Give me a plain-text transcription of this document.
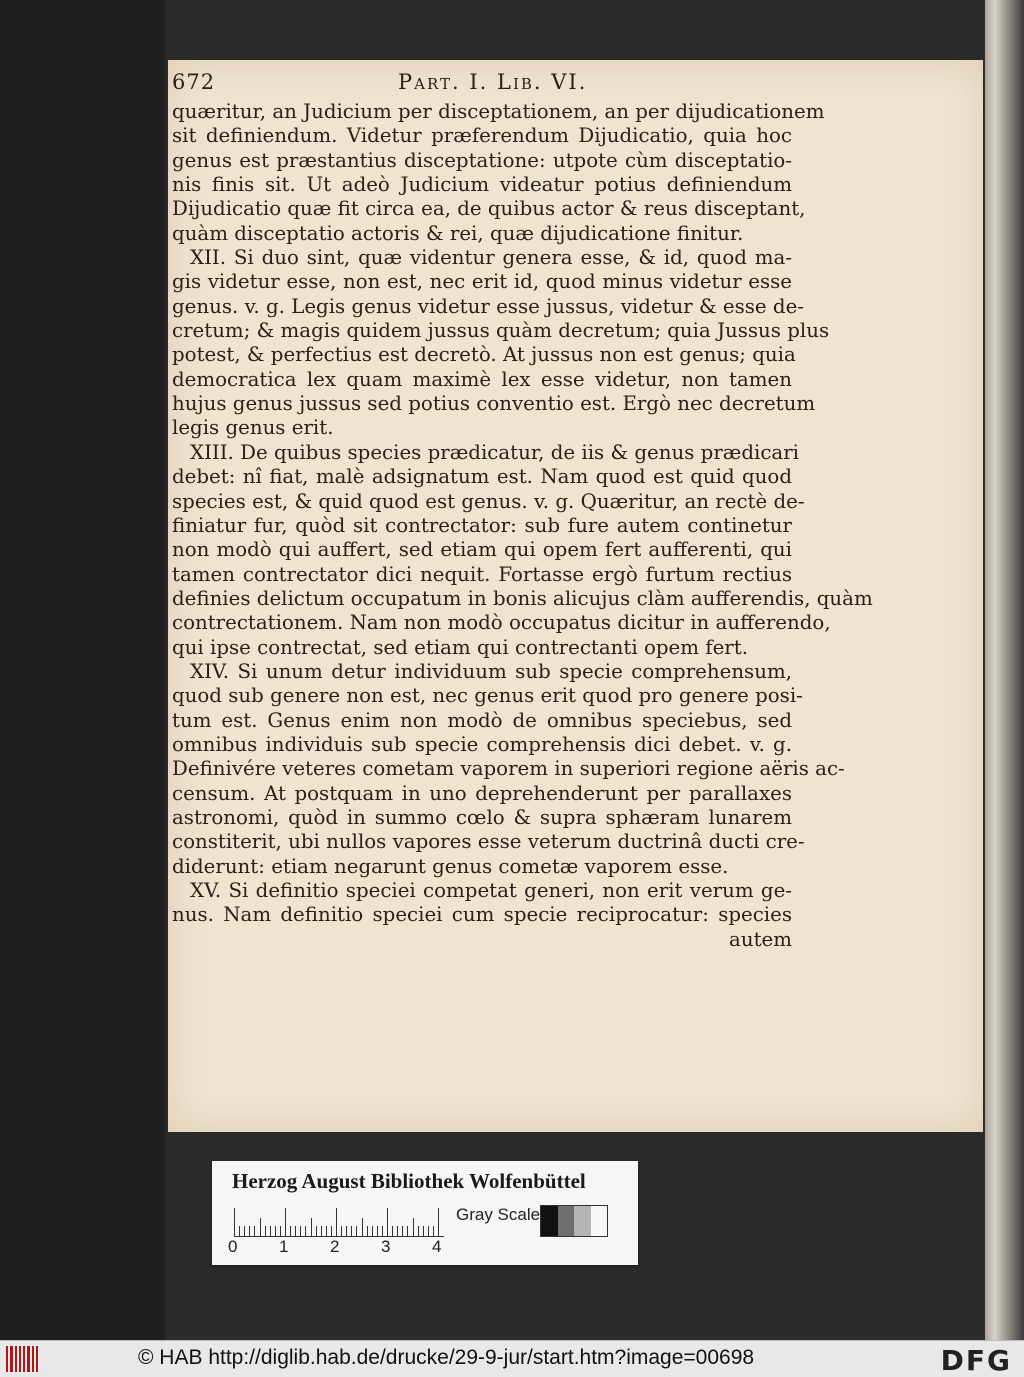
672	Part. I. Lib. VI.
quæritur, an Judicium per disceptationem, an per dijudicationem
sit definiendum. Videtur præferendum Dijudicatio, quia hoc
genus est præstantius disceptatione: utpote cùm disceptatio-
nis finis sit. Ut adeò Judicium videatur potius definiendum
Dijudicatio quæ fit circa ea, de quibus actor & reus disceptant,
quàm disceptatio actoris & rei, quæ dijudicatione finitur.
XII. Si duo sint, quæ videntur genera esse, & id, quod ma-
gis videtur esse, non est, nec erit id, quod minus videtur esse
genus. v. g. Legis genus videtur esse jussus, videtur & esse de-
cretum; & magis quidem jussus quàm decretum; quia Jussus plus
potest, & perfectius est decretò. At jussus non est genus; quia
democratica lex quam maximè lex esse videtur, non tamen
hujus genus jussus sed potius conventio est. Ergò nec decretum
legis genus erit.
XIII. De quibus species prædicatur, de iis & genus prædicari
debet: nî fiat, malè adsignatum est. Nam quod est quid quod
species est, & quid quod est genus. v. g. Quæritur, an rectè de-
finiatur fur, quòd sit contrectator: sub fure autem continetur
non modò qui auffert, sed etiam qui opem fert aufferenti, qui
tamen contrectator dici nequit. Fortasse ergò furtum rectius
definies delictum occupatum in bonis alicujus clàm aufferendis, quàm
contrectationem. Nam non modò occupatus dicitur in aufferendo,
qui ipse contrectat, sed etiam qui contrectanti opem fert.
XIV. Si unum detur individuum sub specie comprehensum,
quod sub genere non est, nec genus erit quod pro genere posi-
tum est. Genus enim non modò de omnibus speciebus, sed
omnibus individuis sub specie comprehensis dici debet. v. g.
Definivére veteres cometam vaporem in superiori regione aëris ac-
censum. At postquam in uno deprehenderunt per parallaxes
astronomi, quòd in summo cœlo & supra sphæram lunarem
constiterit, ubi nullos vapores esse veterum ductrinâ ducti cre-
diderunt: etiam negarunt genus cometæ vaporem esse.
XV. Si definitio speciei competat generi, non erit verum ge-
nus. Nam definitio speciei cum specie reciprocatur: species
autem
Herzog August Bibliothek Wolfenbüttel
0 1 2 3 4
Gray Scale
© HAB http://diglib.hab.de/drucke/29-9-jur/start.htm?image=00698	DFG
